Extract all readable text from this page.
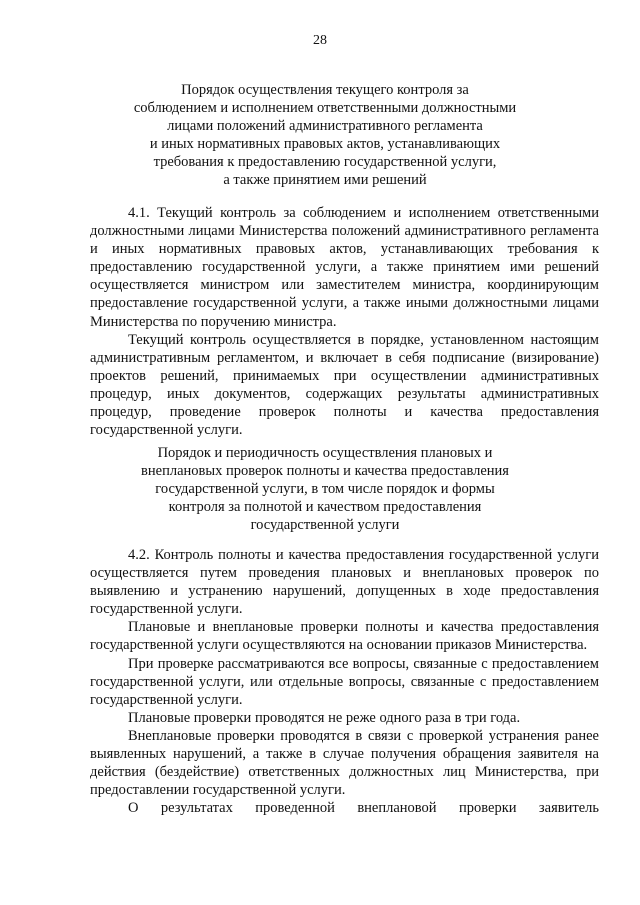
28
Порядок осуществления текущего контроля за
соблюдением и исполнением ответственными должностными
лицами положений административного регламента
и иных нормативных правовых актов, устанавливающих
требования к предоставлению государственной услуги,
а также принятием ими решений

4.1. Текущий контроль за соблюдением и исполнением ответственными должностными лицами Министерства положений административного регламента и иных нормативных правовых актов, устанавливающих требования к предоставлению государственной услуги, а также принятием ими решений осуществляется министром или заместителем министра, координирующим предоставление государственной услуги, а также иными должностными лицами Министерства по поручению министра.

Текущий контроль осуществляется в порядке, установленном настоящим административным регламентом, и включает в себя подписание (визирование) проектов решений, принимаемых при осуществлении административных процедур, иных документов, содержащих результаты административных процедур, проведение проверок полноты и качества предоставления государственной услуги.

Порядок и периодичность осуществления плановых и
внеплановых проверок полноты и качества предоставления
государственной услуги, в том числе порядок и формы
контроля за полнотой и качеством предоставления
государственной услуги

4.2. Контроль полноты и качества предоставления государственной услуги осуществляется путем проведения плановых и внеплановых проверок по выявлению и устранению нарушений, допущенных в ходе предоставления государственной услуги.

Плановые и внеплановые проверки полноты и качества предоставления государственной услуги осуществляются на основании приказов Министерства.

При проверке рассматриваются все вопросы, связанные с предоставлением государственной услуги, или отдельные вопросы, связанные с предоставлением государственной услуги.

Плановые проверки проводятся не реже одного раза в три года.

Внеплановые проверки проводятся в связи с проверкой устранения ранее выявленных нарушений, а также в случае получения обращения заявителя на действия (бездействие) ответственных должностных лиц Министерства, при предоставлении государственной услуги.

О результатах проведенной внеплановой проверки заявитель
